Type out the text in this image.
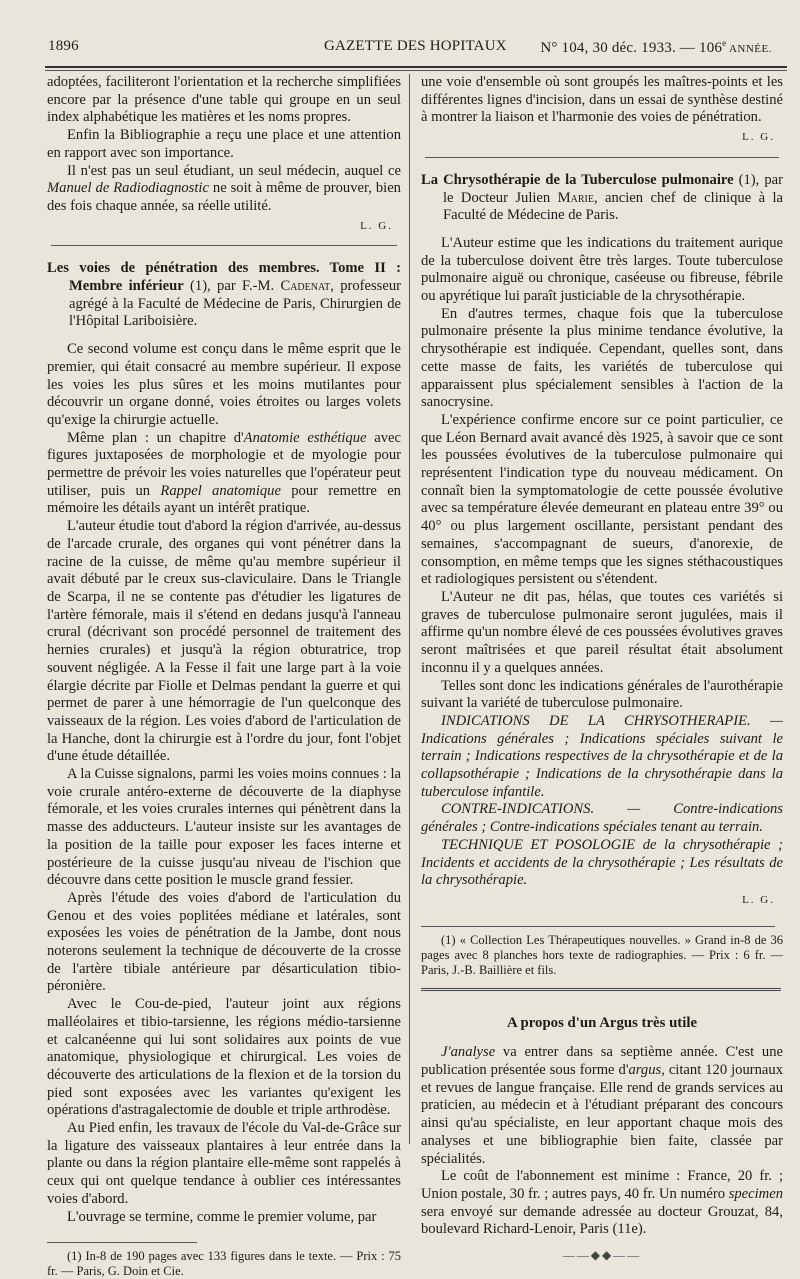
1896	GAZETTE DES HOPITAUX N° 104, 30 déc. 1933. — 106e ANNÉE.

adoptées, faciliteront l'orientation et la recherche simplifiées encore par la présence d'une table qui groupe en un seul index alphabétique les matières et les noms propres.

Enfin la Bibliographie a reçu une place et une attention en rapport avec son importance.

Il n'est pas un seul étudiant, un seul médecin, auquel ce Manuel de Radiodiagnostic ne soit à même de prouver, bien des fois chaque année, sa réelle utilité.

L. G.

Les voies de pénétration des membres. Tome II : Membre inférieur (1), par F.-M. Cadenat, professeur agrégé à la Faculté de Médecine de Paris, Chirurgien de l'Hôpital Lariboisière.

Ce second volume est conçu dans le même esprit que le premier, qui était consacré au membre supérieur. Il expose les voies les plus sûres et les moins mutilantes pour découvrir un organe donné, voies étroites ou larges volets qu'exige la chirurgie actuelle.

Même plan : un chapitre d'Anatomie esthétique avec figures juxtaposées de morphologie et de myologie pour permettre de prévoir les voies naturelles que l'opérateur peut utiliser, puis un Rappel anatomique pour remettre en mémoire les détails ayant un intérêt pratique.

L'auteur étudie tout d'abord la région d'arrivée, au-dessus de l'arcade crurale, des organes qui vont pénétrer dans la racine de la cuisse, de même qu'au membre supérieur il avait débuté par le creux sus-claviculaire. Dans le Triangle de Scarpa, il ne se contente pas d'étudier les ligatures de l'artère fémorale, mais il s'étend en dedans jusqu'à l'anneau crural (décrivant son procédé personnel de traitement des hernies crurales) et jusqu'à la région obturatrice, trop souvent négligée. A la Fesse il fait une large part à la voie élargie décrite par Fiolle et Delmas pendant la guerre et qui permet de parer à une hémorragie de l'un quelconque des vaisseaux de la région. Les voies d'abord de l'articulation de la Hanche, dont la chirurgie est à l'ordre du jour, font l'objet d'une étude détaillée.

A la Cuisse signalons, parmi les voies moins connues : la voie crurale antéro-externe de découverte de la diaphyse fémorale, et les voies crurales internes qui pénètrent dans la masse des adducteurs. L'auteur insiste sur les avantages de la position de la taille pour exposer les faces interne et postérieure de la cuisse jusqu'au niveau de l'ischion que découvre dans cette position le muscle grand fessier.

Après l'étude des voies d'abord de l'articulation du Genou et des voies poplitées médiane et latérales, sont exposées les voies de pénétration de la Jambe, dont nous noterons seulement la technique de découverte de la crosse de l'artère tibiale antérieure par désarticulation tibio-péronière.

Avec le Cou-de-pied, l'auteur joint aux régions malléolaires et tibio-tarsienne, les régions médio-tarsienne et calcanéenne qui lui sont solidaires aux points de vue anatomique, physiologique et chirurgical. Les voies de découverte des articulations de la flexion et de la torsion du pied sont exposées avec les variantes qu'exigent les opérations d'astragalectomie de double et triple arthrodèse.

Au Pied enfin, les travaux de l'école du Val-de-Grâce sur la ligature des vaisseaux plantaires à leur entrée dans la plante ou dans la région plantaire elle-même sont rappelés à ceux qui ont quelque tendance à oublier ces intéressantes voies d'abord.

L'ouvrage se termine, comme le premier volume, par

(1) In-8 de 190 pages avec 133 figures dans le texte. — Prix : 75 fr. — Paris, G. Doin et Cie.

une voie d'ensemble où sont groupés les maîtres-points et les différentes lignes d'incision, dans un essai de synthèse destiné à montrer la liaison et l'harmonie des voies de pénétration.

L. G.

La Chrysothérapie de la Tuberculose pulmonaire (1), par le Docteur Julien Marie, ancien chef de clinique à la Faculté de Médecine de Paris.

L'Auteur estime que les indications du traitement aurique de la tuberculose doivent être très larges. Toute tuberculose pulmonaire aiguë ou chronique, caséeuse ou fibreuse, fébrile ou apyrétique lui paraît justiciable de la chrysothérapie.

En d'autres termes, chaque fois que la tuberculose pulmonaire présente la plus minime tendance évolutive, la chrysothérapie est indiquée. Cependant, quelles sont, dans cette masse de faits, les variétés de tuberculose qui apparaissent plus spécialement sensibles à l'action de la sanocrysine.

L'expérience confirme encore sur ce point particulier, ce que Léon Bernard avait avancé dès 1925, à savoir que ce sont les poussées évolutives de la tuberculose pulmonaire qui représentent l'indication type du nouveau médicament. On connaît bien la symptomatologie de cette poussée évolutive avec sa température élevée demeurant en plateau entre 39° ou 40° ou plus largement oscillante, persistant pendant des semaines, s'accompagnant de sueurs, d'anorexie, de consomption, en même temps que les signes stéthacoustiques et radiologiques persistent ou s'étendent.

L'Auteur ne dit pas, hélas, que toutes ces variétés si graves de tuberculose pulmonaire seront jugulées, mais il affirme qu'un nombre élevé de ces poussées évolutives graves seront maîtrisées et que pareil résultat était absolument inconnu il y a quelques années.

Telles sont donc les indications générales de l'aurothérapie suivant la variété de tuberculose pulmonaire.

INDICATIONS DE LA CHRYSOTHERAPIE. — Indications générales ; Indications spéciales suivant le terrain ; Indications respectives de la chrysothérapie et de la collapsothérapie ; Indications de la chrysothérapie dans la tuberculose infantile.

CONTRE-INDICATIONS. — Contre-indications générales ; Contre-indications spéciales tenant au terrain.

TECHNIQUE ET POSOLOGIE de la chrysothérapie ; Incidents et accidents de la chrysothérapie ; Les résultats de la chrysothérapie.

L. G.

(1) « Collection Les Thérapeutiques nouvelles. » Grand in-8 de 36 pages avec 8 planches hors texte de radiographies. — Prix : 6 fr. — Paris, J.-B. Baillière et fils.

A propos d'un Argus très utile

J'analyse va entrer dans sa septième année. C'est une publication présentée sous forme d'argus, citant 120 journaux et revues de langue française. Elle rend de grands services au praticien, au médecin et à l'étudiant préparant des concours ainsi qu'au spécialiste, en leur apportant chaque mois des analyses et une bibliographie bien faite, classée par spécialités.

Le coût de l'abonnement est minime : France, 20 fr. ; Union postale, 30 fr. ; autres pays, 40 fr. Un numéro specimen sera envoyé sur demande adressée au docteur Grouzat, 84, boulevard Richard-Lenoir, Paris (11e).

——◆◆——
